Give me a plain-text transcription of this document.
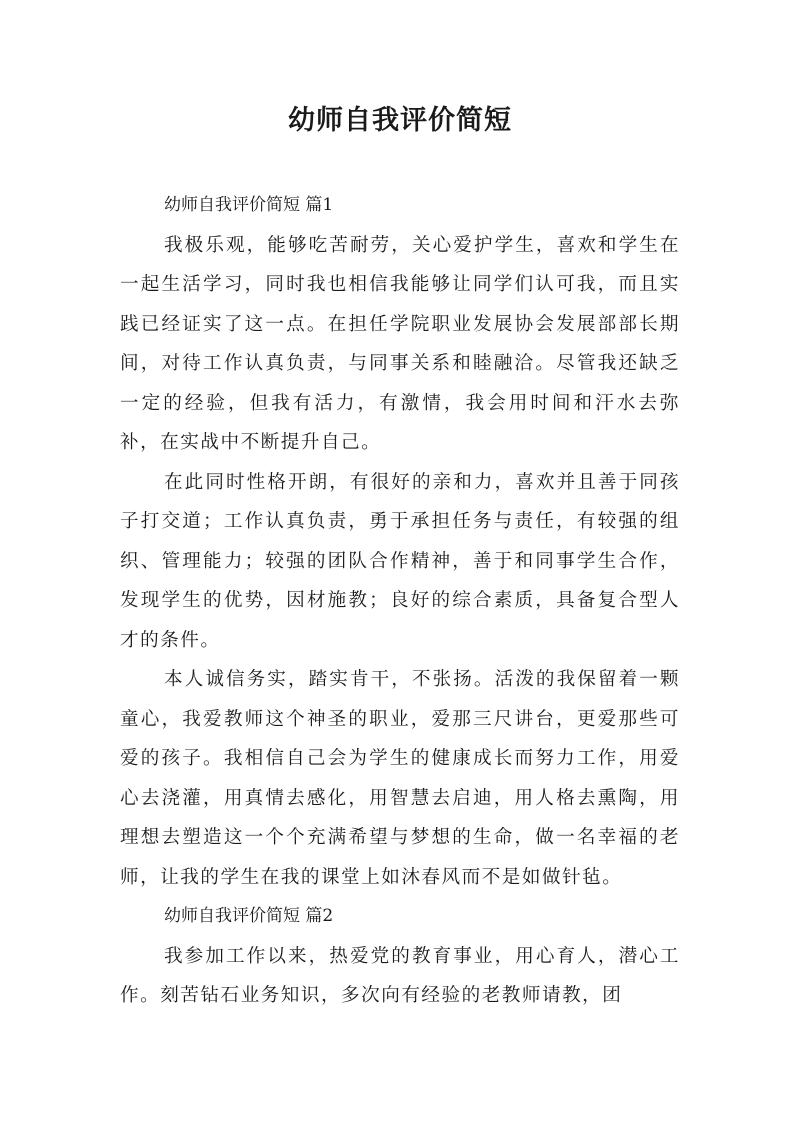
幼师自我评价简短

幼师自我评价简短 篇1

我极乐观，能够吃苦耐劳，关心爱护学生，喜欢和学生在一起生活学习，同时我也相信我能够让同学们认可我，而且实践已经证实了这一点。在担任学院职业发展协会发展部部长期间，对待工作认真负责，与同事关系和睦融洽。尽管我还缺乏一定的经验，但我有活力，有激情，我会用时间和汗水去弥补，在实战中不断提升自己。

在此同时性格开朗，有很好的亲和力，喜欢并且善于同孩子打交道；工作认真负责，勇于承担任务与责任，有较强的组织、管理能力；较强的团队合作精神，善于和同事学生合作，发现学生的优势，因材施教；良好的综合素质，具备复合型人才的条件。

本人诚信务实，踏实肯干，不张扬。活泼的我保留着一颗童心，我爱教师这个神圣的职业，爱那三尺讲台，更爱那些可爱的孩子。我相信自己会为学生的健康成长而努力工作，用爱心去浇灌，用真情去感化，用智慧去启迪，用人格去熏陶，用理想去塑造这一个个充满希望与梦想的生命，做一名幸福的老师，让我的学生在我的课堂上如沐春风而不是如做针毡。

幼师自我评价简短 篇2

我参加工作以来，热爱党的教育事业，用心育人，潜心工作。刻苦钻石业务知识，多次向有经验的老教师请教，团
